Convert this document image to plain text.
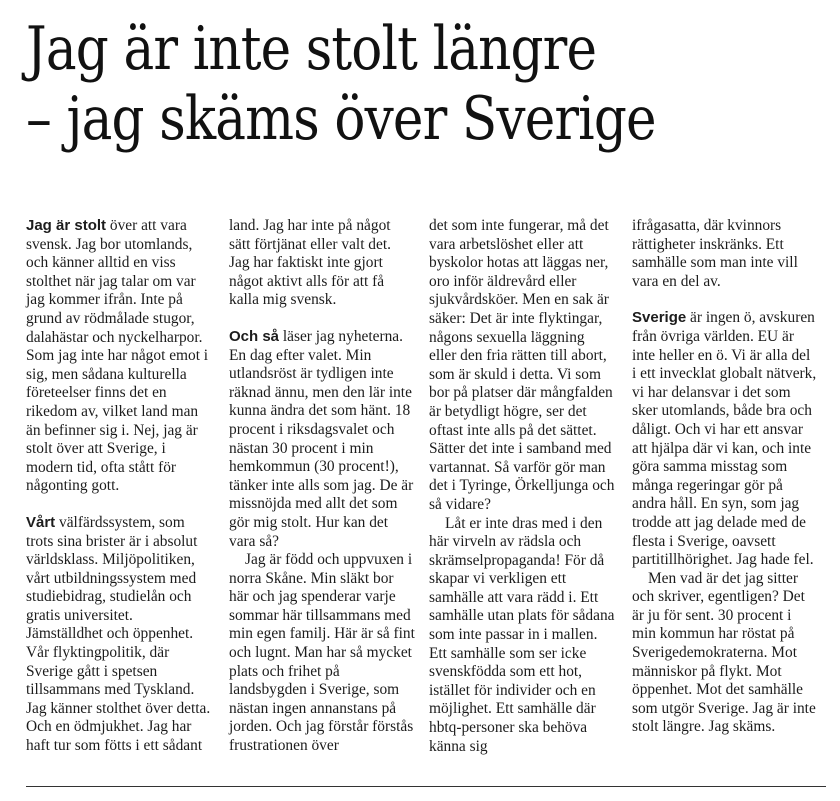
Jag är inte stolt längre
– jag skäms över Sverige

Jag är stolt över att vara svensk. Jag bor utomlands, och känner alltid en viss stolthet när jag talar om var jag kommer ifrån. Inte på grund av rödmålade stugor, dalahästar och nyckelharpor. Som jag inte har något emot i sig, men sådana kulturella företeelser finns det en rikedom av, vilket land man än befinner sig i. Nej, jag är stolt över att Sverige, i modern tid, ofta stått för någonting gott.

Vårt välfärdssystem, som trots sina brister är i absolut världsklass. Miljöpolitiken, vårt utbildningssystem med studiebidrag, studielån och gratis universitet. Jämställdhet och öppenhet. Vår flyktingpolitik, där Sverige gått i spetsen tillsammans med Tyskland. Jag känner stolthet över detta. Och en ödmjukhet. Jag har haft tur som fötts i ett sådant

land. Jag har inte på något sätt förtjänat eller valt det. Jag har faktiskt inte gjort något aktivt alls för att få kalla mig svensk.

Och så läser jag nyheterna. En dag efter valet. Min utlandsröst är tydligen inte räknad ännu, men den lär inte kunna ändra det som hänt. 18 procent i riksdagsvalet och nästan 30 procent i min hemkommun (30 procent!), tänker inte alls som jag. De är missnöjda med allt det som gör mig stolt. Hur kan det vara så?

Jag är född och uppvuxen i norra Skåne. Min släkt bor här och jag spenderar varje sommar här tillsammans med min egen familj. Här är så fint och lugnt. Man har så mycket plats och frihet på landsbygden i Sverige, som nästan ingen annanstans på jorden. Och jag förstår förstås frustrationen över

det som inte fungerar, må det vara arbetslöshet eller att byskolor hotas att läggas ner, oro inför äldrevård eller sjukvårdsköer. Men en sak är säker: Det är inte flyktingar, någons sexuella läggning eller den fria rätten till abort, som är skuld i detta. Vi som bor på platser där mångfalden är betydligt högre, ser det oftast inte alls på det sättet. Sätter det inte i samband med vartannat. Så varför gör man det i Tyringe, Örkelljunga och så vidare?

Låt er inte dras med i den här virveln av rädsla och skrämselpropaganda! För då skapar vi verkligen ett samhälle att vara rädd i. Ett samhälle utan plats för sådana som inte passar in i mallen. Ett samhälle som ser icke svenskfödda som ett hot, istället för individer och en möjlighet. Ett samhälle där hbtq-personer ska behöva känna sig

ifrågasatta, där kvinnors rättigheter inskränks. Ett samhälle som man inte vill vara en del av.

Sverige är ingen ö, avskuren från övriga världen. EU är inte heller en ö. Vi är alla del i ett invecklat globalt nätverk, vi har delansvar i det som sker utomlands, både bra och dåligt. Och vi har ett ansvar att hjälpa där vi kan, och inte göra samma misstag som många regeringar gör på andra håll. En syn, som jag trodde att jag delade med de flesta i Sverige, oavsett partitillhörighet. Jag hade fel.

Men vad är det jag sitter och skriver, egentligen? Det är ju för sent. 30 procent i min kommun har röstat på Sverigedemokraterna. Mot människor på flykt. Mot öppenhet. Mot det samhälle som utgör Sverige. Jag är inte stolt längre. Jag skäms.
